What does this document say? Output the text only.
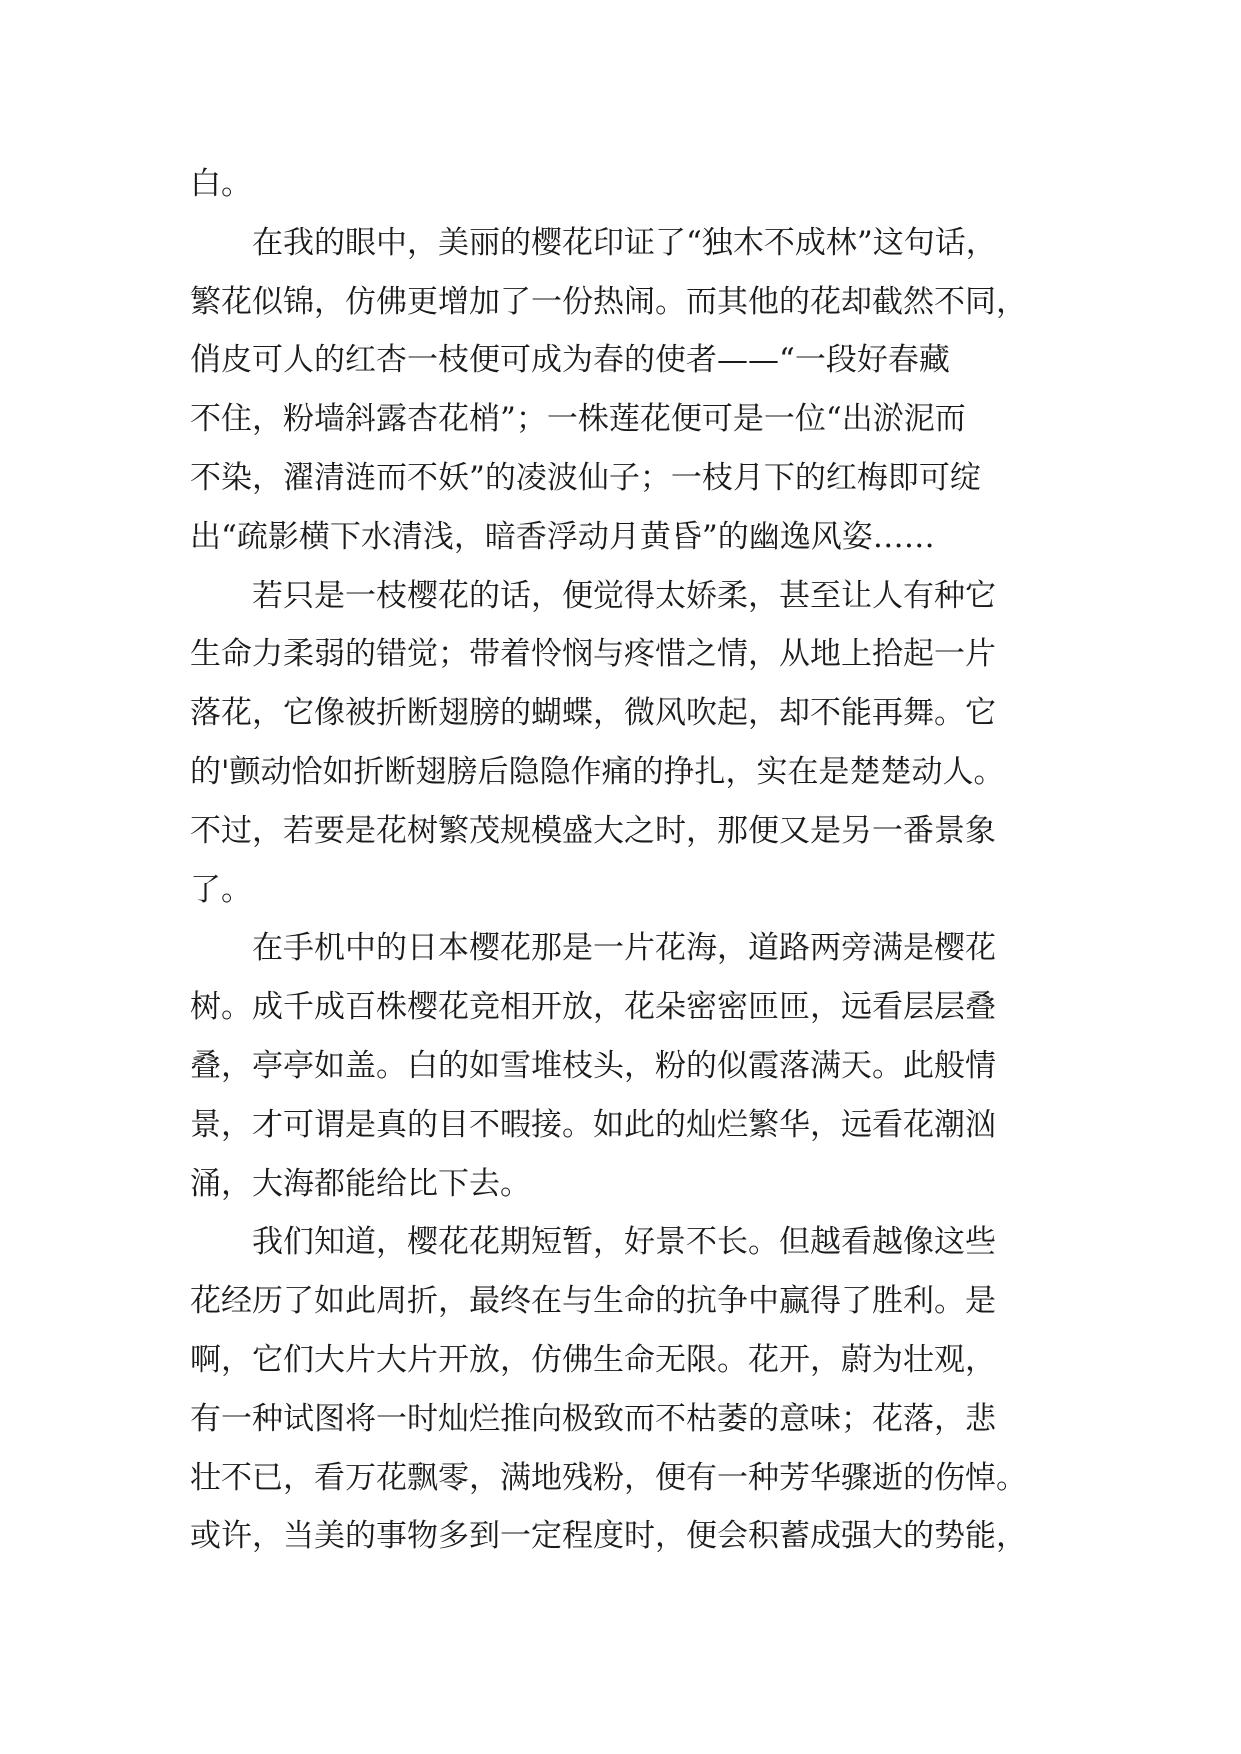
白。
　　在我的眼中，美丽的樱花印证了“独木不成林”这句话，
繁花似锦，仿佛更增加了一份热闹。而其他的花却截然不同，
俏皮可人的红杏一枝便可成为春的使者——“一段好春藏
不住，粉墙斜露杏花梢”；一株莲花便可是一位“出淤泥而
不染，濯清涟而不妖”的凌波仙子；一枝月下的红梅即可绽
出“疏影横下水清浅，暗香浮动月黄昏”的幽逸风姿……
　　若只是一枝樱花的话，便觉得太娇柔，甚至让人有种它
生命力柔弱的错觉；带着怜悯与疼惜之情，从地上拾起一片
落花，它像被折断翅膀的蝴蝶，微风吹起，却不能再舞。它
的'颤动恰如折断翅膀后隐隐作痛的挣扎，实在是楚楚动人。
不过，若要是花树繁茂规模盛大之时，那便又是另一番景象
了。
　　在手机中的日本樱花那是一片花海，道路两旁满是樱花
树。成千成百株樱花竞相开放，花朵密密匝匝，远看层层叠
叠，亭亭如盖。白的如雪堆枝头，粉的似霞落满天。此般情
景，才可谓是真的目不暇接。如此的灿烂繁华，远看花潮汹
涌，大海都能给比下去。
　　我们知道，樱花花期短暂，好景不长。但越看越像这些
花经历了如此周折，最终在与生命的抗争中赢得了胜利。是
啊，它们大片大片开放，仿佛生命无限。花开，蔚为壮观，
有一种试图将一时灿烂推向极致而不枯萎的意味；花落，悲
壮不已，看万花飘零，满地残粉，便有一种芳华骤逝的伤悼。
或许，当美的事物多到一定程度时，便会积蓄成强大的势能，
